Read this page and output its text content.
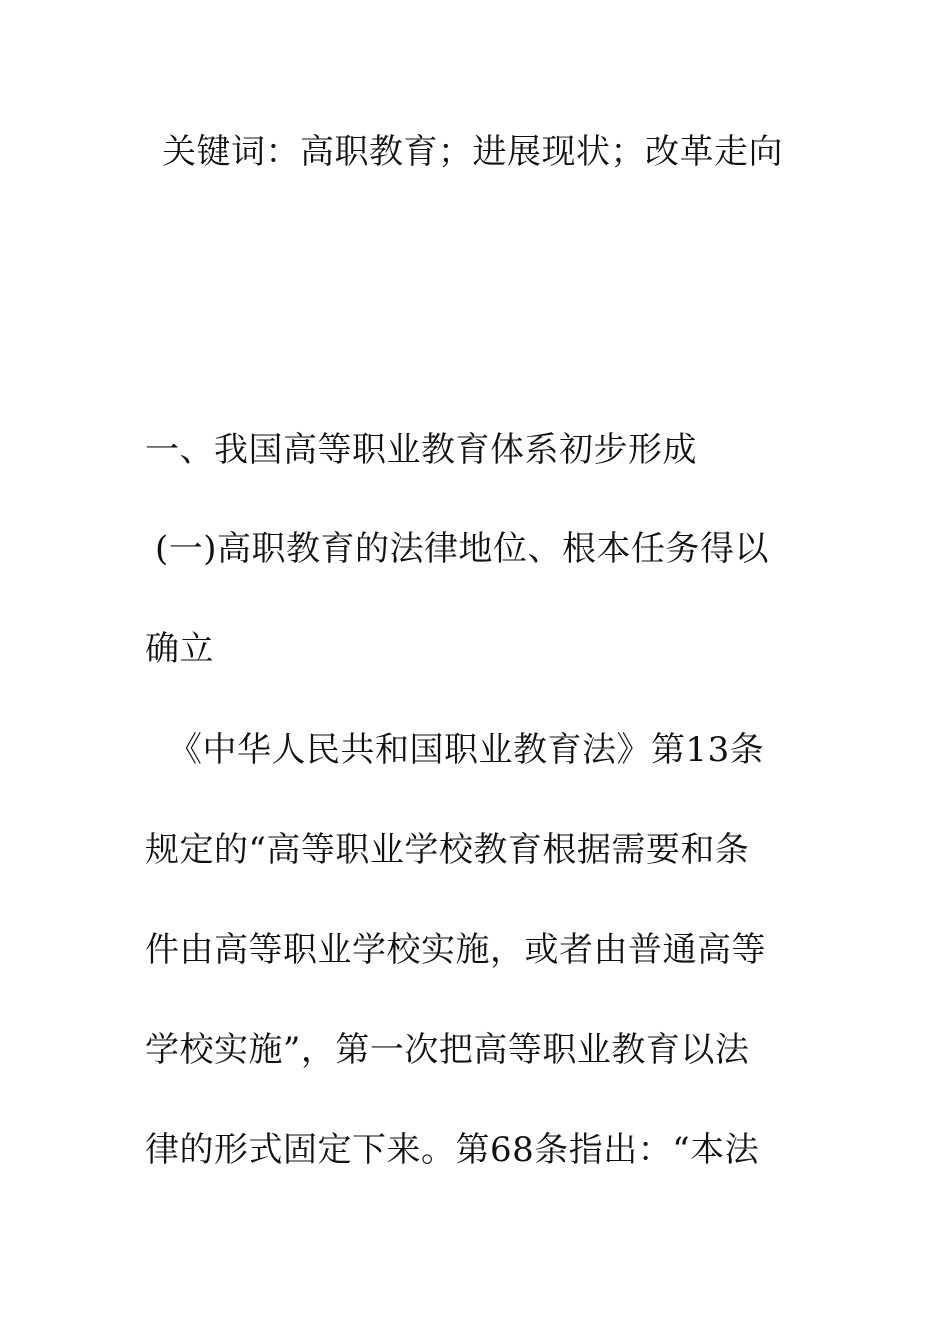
关键词：高职教育；进展现状；改革走向
一、我国高等职业教育体系初步形成
(一)高职教育的法律地位、根本任务得以
确立
《中华人民共和国职业教育法》第13条
规定的“高等职业学校教育根据需要和条
件由高等职业学校实施，或者由普通高等
学校实施”，第一次把高等职业教育以法
律的形式固定下来。第68条指出：“本法
